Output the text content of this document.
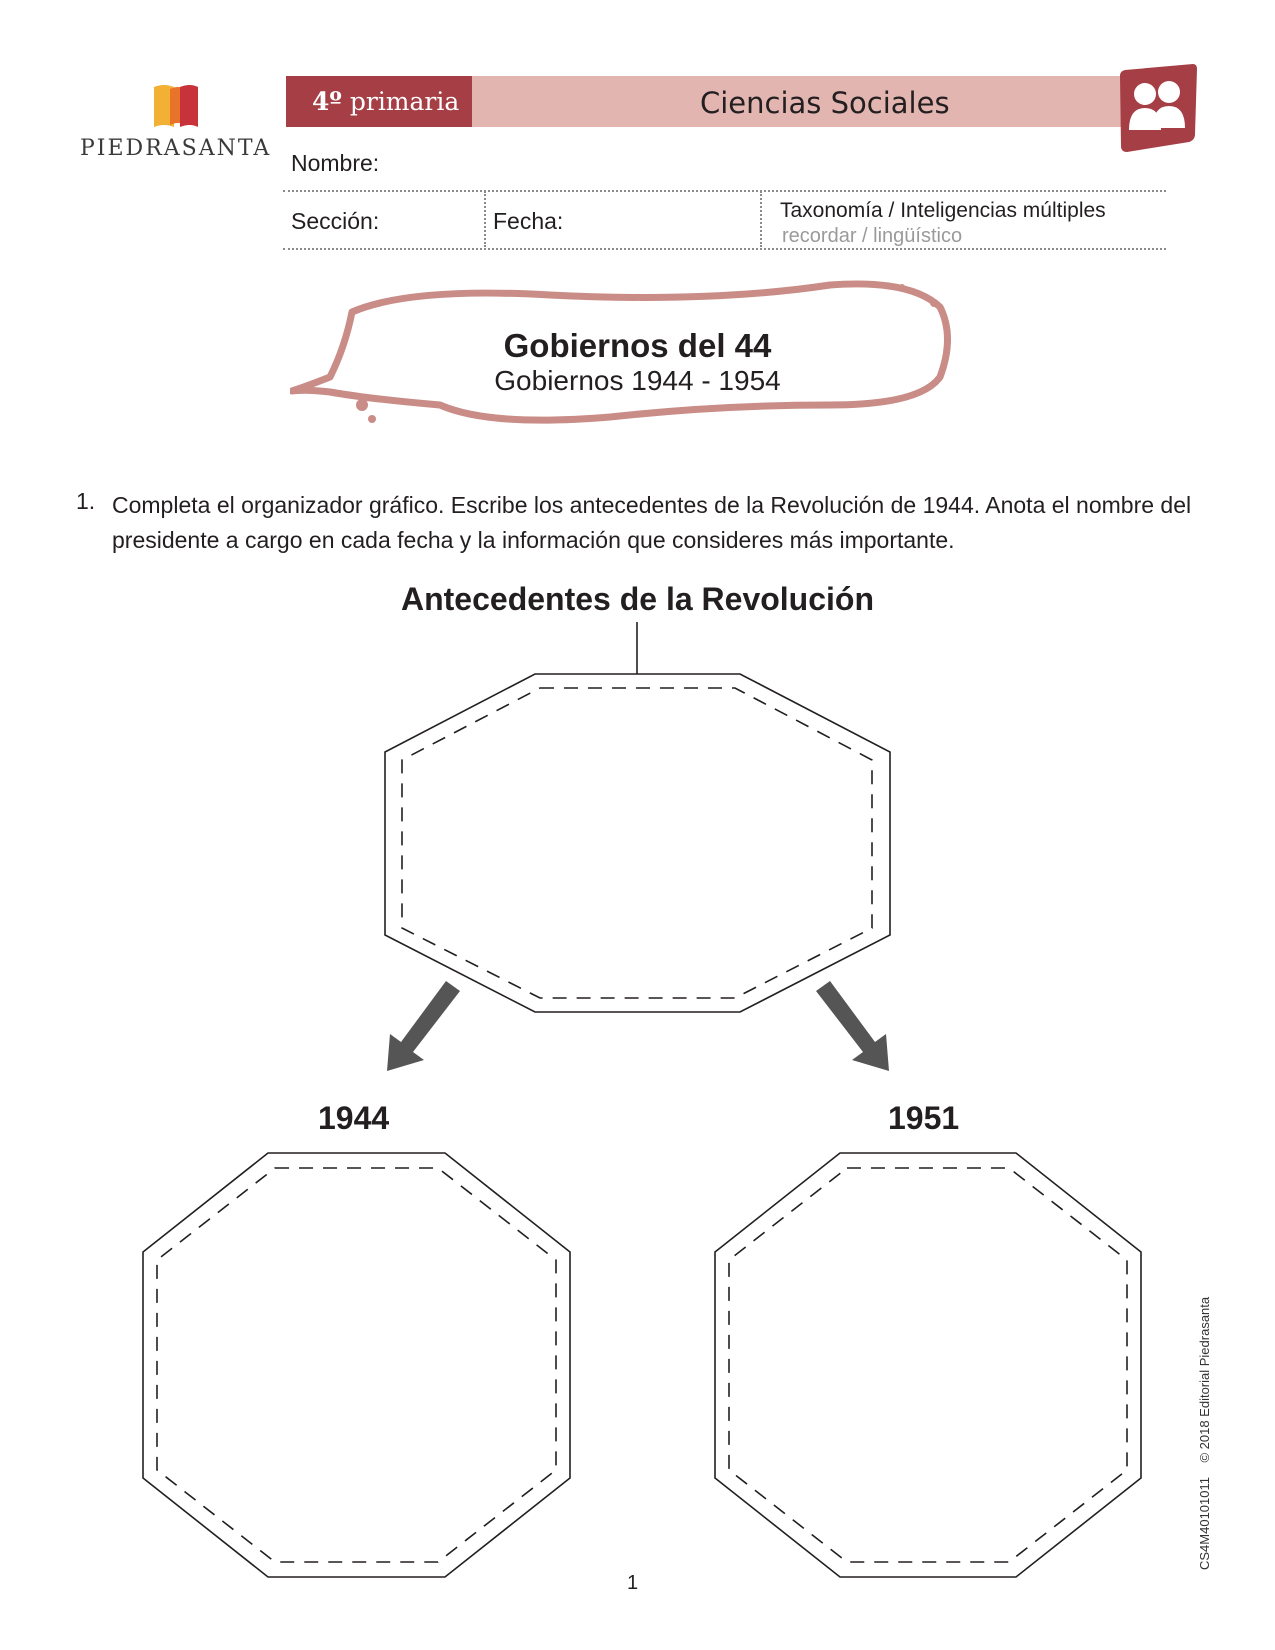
PIEDRASANTA
4º primaria	Ciencias Sociales
Nombre:
Sección:	Fecha:	Taxonomía / Inteligencias múltiples
recordar / lingüístico
Gobiernos del 44
Gobiernos 1944 - 1954
1. Completa el organizador gráfico. Escribe los antecedentes de la Revolución de 1944. Anota el nombre del presidente a cargo en cada fecha y la información que consideres más importante.
Antecedentes de la Revolución
1944	1951
1
CS4M40101011    © 2018 Editorial Piedrasanta
